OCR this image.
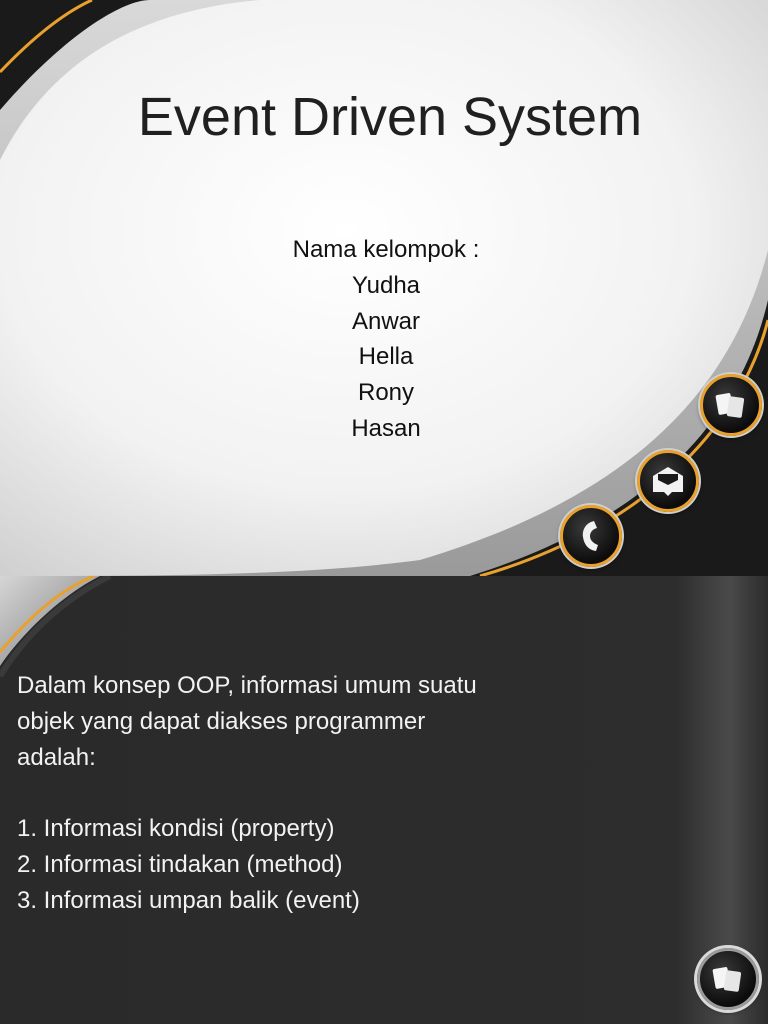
Event Driven System
Nama kelompok :
Yudha
Anwar
Hella
Rony
Hasan
Dalam konsep OOP, informasi umum suatu
objek yang dapat diakses programmer
adalah:
1. Informasi kondisi (property)
2. Informasi tindakan (method)
3. Informasi umpan balik (event)
